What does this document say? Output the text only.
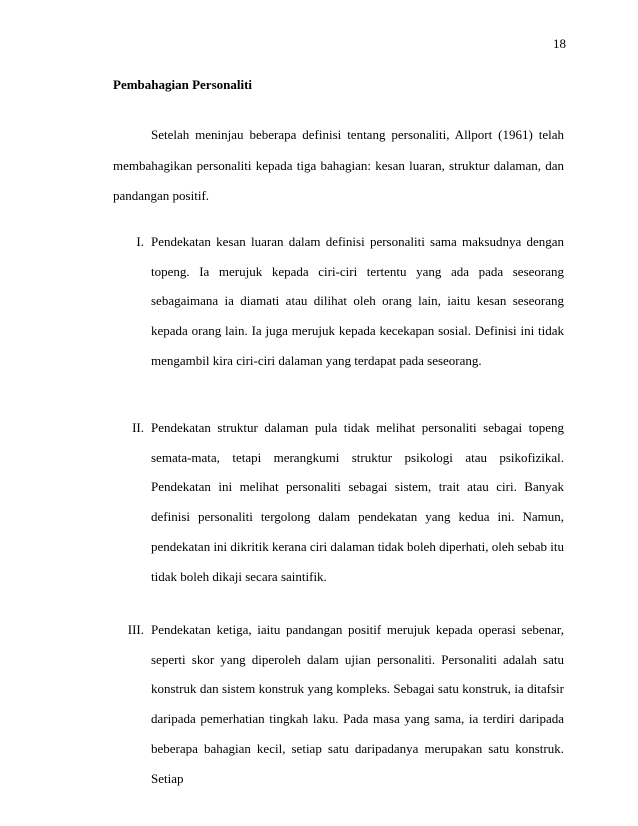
18
Pembahagian Personaliti

Setelah meninjau beberapa definisi tentang personaliti, Allport (1961) telah membahagikan personaliti kepada tiga bahagian: kesan luaran, struktur dalaman, dan pandangan positif.

I. Pendekatan kesan luaran dalam definisi personaliti sama maksudnya dengan topeng. Ia merujuk kepada ciri-ciri tertentu yang ada pada seseorang sebagaimana ia diamati atau dilihat oleh orang lain, iaitu kesan seseorang kepada orang lain. Ia juga merujuk kepada kecekapan sosial. Definisi ini tidak mengambil kira ciri-ciri dalaman yang terdapat pada seseorang.
II. Pendekatan struktur dalaman pula tidak melihat personaliti sebagai topeng semata-mata, tetapi merangkumi struktur psikologi atau psikofizikal. Pendekatan ini melihat personaliti sebagai sistem, trait atau ciri. Banyak definisi personaliti tergolong dalam pendekatan yang kedua ini. Namun, pendekatan ini dikritik kerana ciri dalaman tidak boleh diperhati, oleh sebab itu tidak boleh dikaji secara saintifik.
III. Pendekatan ketiga, iaitu pandangan positif merujuk kepada operasi sebenar, seperti skor yang diperoleh dalam ujian personaliti. Personaliti adalah satu konstruk dan sistem konstruk yang kompleks. Sebagai satu konstruk, ia ditafsir daripada pemerhatian tingkah laku. Pada masa yang sama, ia terdiri daripada beberapa bahagian kecil, setiap satu daripadanya merupakan satu konstruk. Setiap
